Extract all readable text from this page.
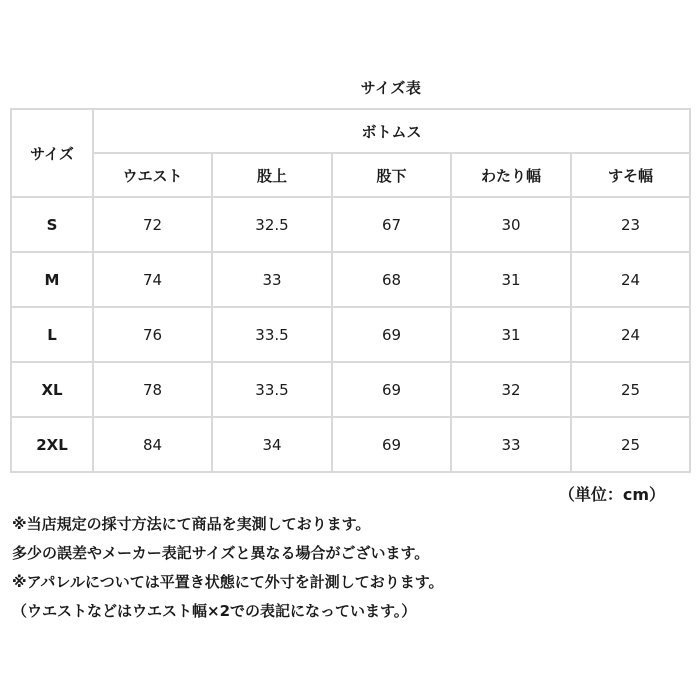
サイズ表
サイズ	ボトムス				
	ウエスト	股上	股下	わたり幅	すそ幅
S	72	32.5	67	30	23
M	74	33	68	31	24
L	76	33.5	69	31	24
XL	78	33.5	69	32	25
2XL	84	34	69	33	25
（単位：cm）
※当店規定の採寸方法にて商品を実測しております。
多少の誤差やメーカー表記サイズと異なる場合がございます。
※アパレルについては平置き状態にて外寸を計測しております。
（ウエストなどはウエスト幅×2での表記になっています。）
